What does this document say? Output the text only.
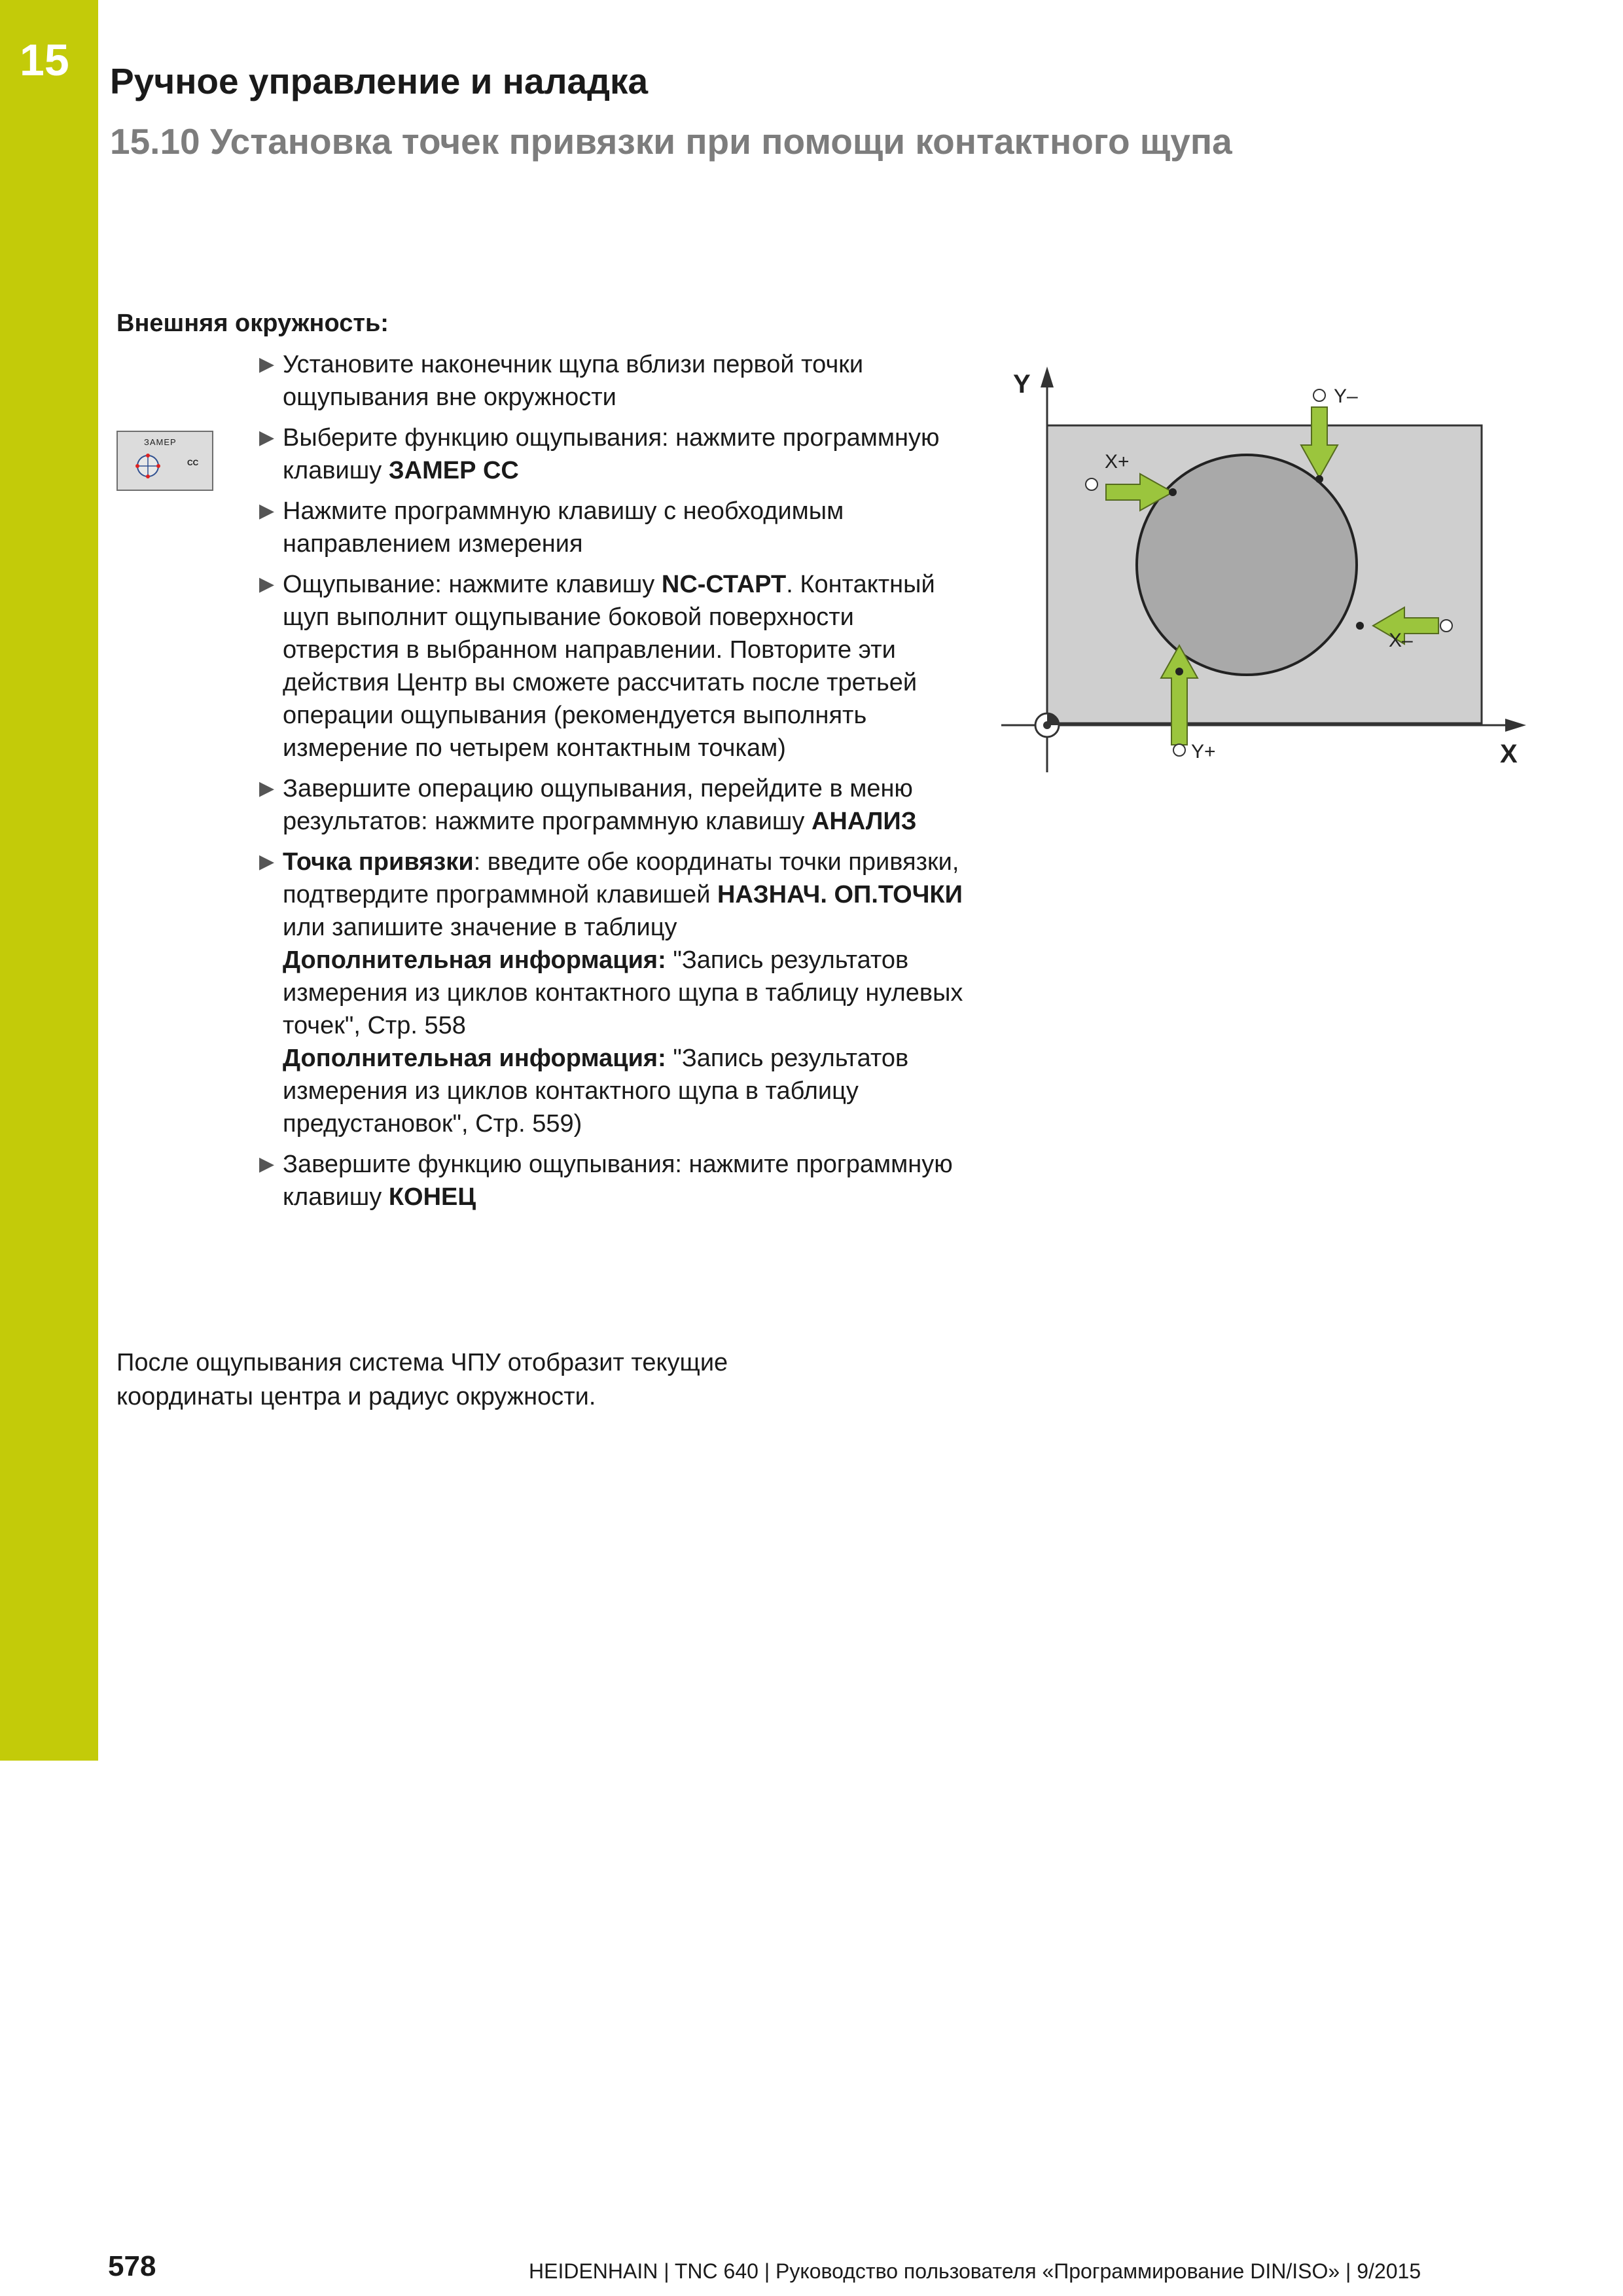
15 Ручное управление и наладка
15.10 Установка точек привязки при помощи контактного щупа
Внешняя окружность:
ЗАМЕР
CC
▶ Установите наконечник щупа вблизи первой точки ощупывания вне окружности
▶ Выберите функцию ощупывания: нажмите программную клавишу ЗАМЕР CC
▶ Нажмите программную клавишу с необходимым направлением измерения
▶ Ощупывание: нажмите клавишу NC-СТАРТ. Контактный щуп выполнит ощупывание боковой поверхности отверстия в выбранном направлении. Повторите эти действия Центр вы сможете рассчитать после третьей операции ощупывания (рекомендуется выполнять измерение по четырем контактным точкам)
▶ Завершите операцию ощупывания, перейдите в меню результатов: нажмите программную клавишу АНАЛИЗ
▶ Точка привязки: введите обе координаты точки привязки, подтвердите программной клавишей НАЗНАЧ. ОП.ТОЧКИ или запишите значение в таблицу
Дополнительная информация: "Запись результатов измерения из циклов контактного щупа в таблицу нулевых точек", Стр. 558
Дополнительная информация: "Запись результатов измерения из циклов контактного щупа в таблицу предустановок", Стр. 559)
▶ Завершите функцию ощупывания: нажмите программную клавишу КОНЕЦ
После ощупывания система ЧПУ отобразит текущие координаты центра и радиус окружности.
Y
X
X+
Y–
X–
Y+
578	HEIDENHAIN | TNC 640 | Руководство пользователя «Программирование DIN/ISO» | 9/2015
